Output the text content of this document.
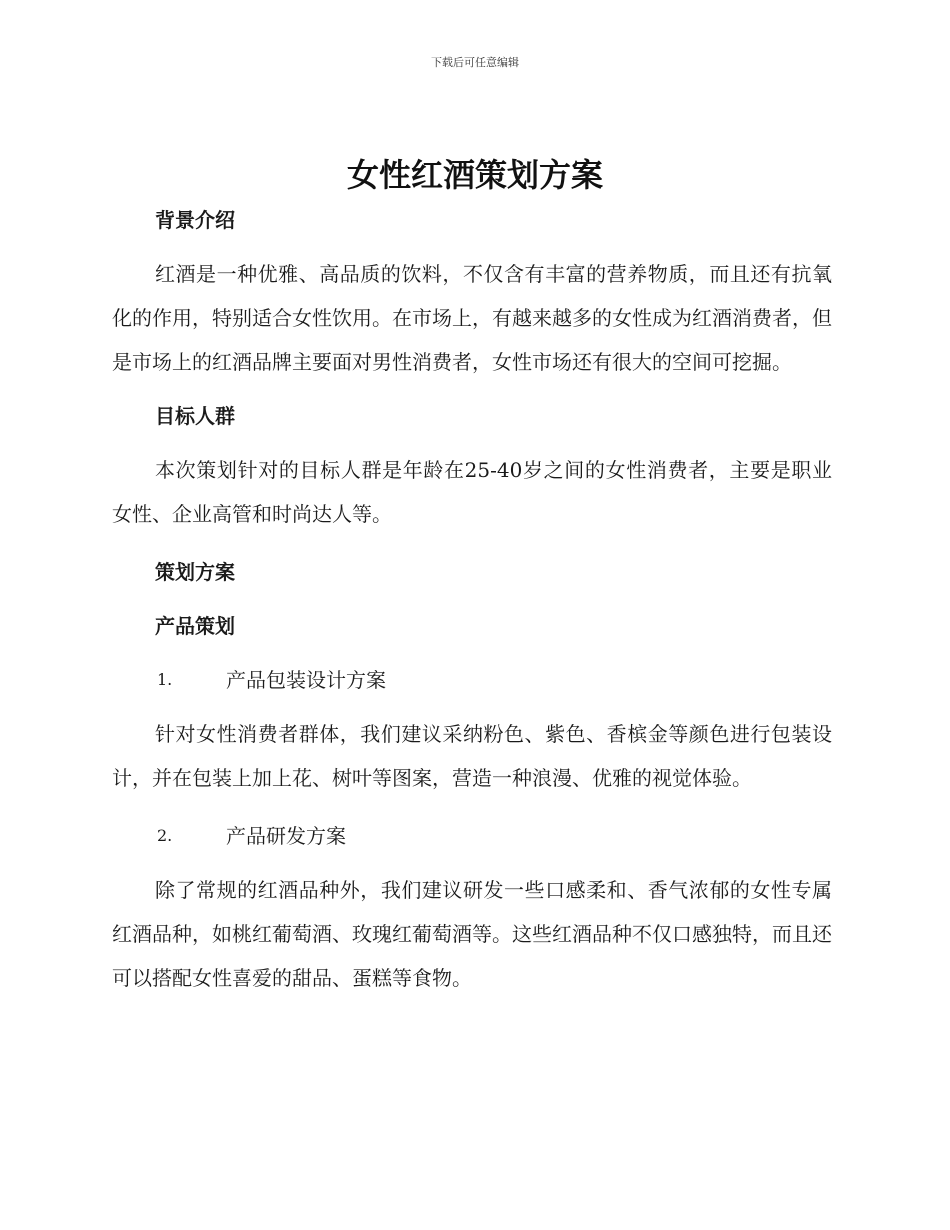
下载后可任意编辑
女性红酒策划方案

背景介绍

红酒是一种优雅、高品质的饮料，不仅含有丰富的营养物质，而且还有抗氧化的作用，特别适合女性饮用。在市场上，有越来越多的女性成为红酒消费者，但是市场上的红酒品牌主要面对男性消费者，女性市场还有很大的空间可挖掘。

目标人群

本次策划针对的目标人群是年龄在25-40岁之间的女性消费者，主要是职业女性、企业高管和时尚达人等。

策划方案

产品策划

1.	产品包装设计方案

针对女性消费者群体，我们建议采纳粉色、紫色、香槟金等颜色进行包装设计，并在包装上加上花、树叶等图案，营造一种浪漫、优雅的视觉体验。

2.	产品研发方案

除了常规的红酒品种外，我们建议研发一些口感柔和、香气浓郁的女性专属红酒品种，如桃红葡萄酒、玫瑰红葡萄酒等。这些红酒品种不仅口感独特，而且还可以搭配女性喜爱的甜品、蛋糕等食物。
